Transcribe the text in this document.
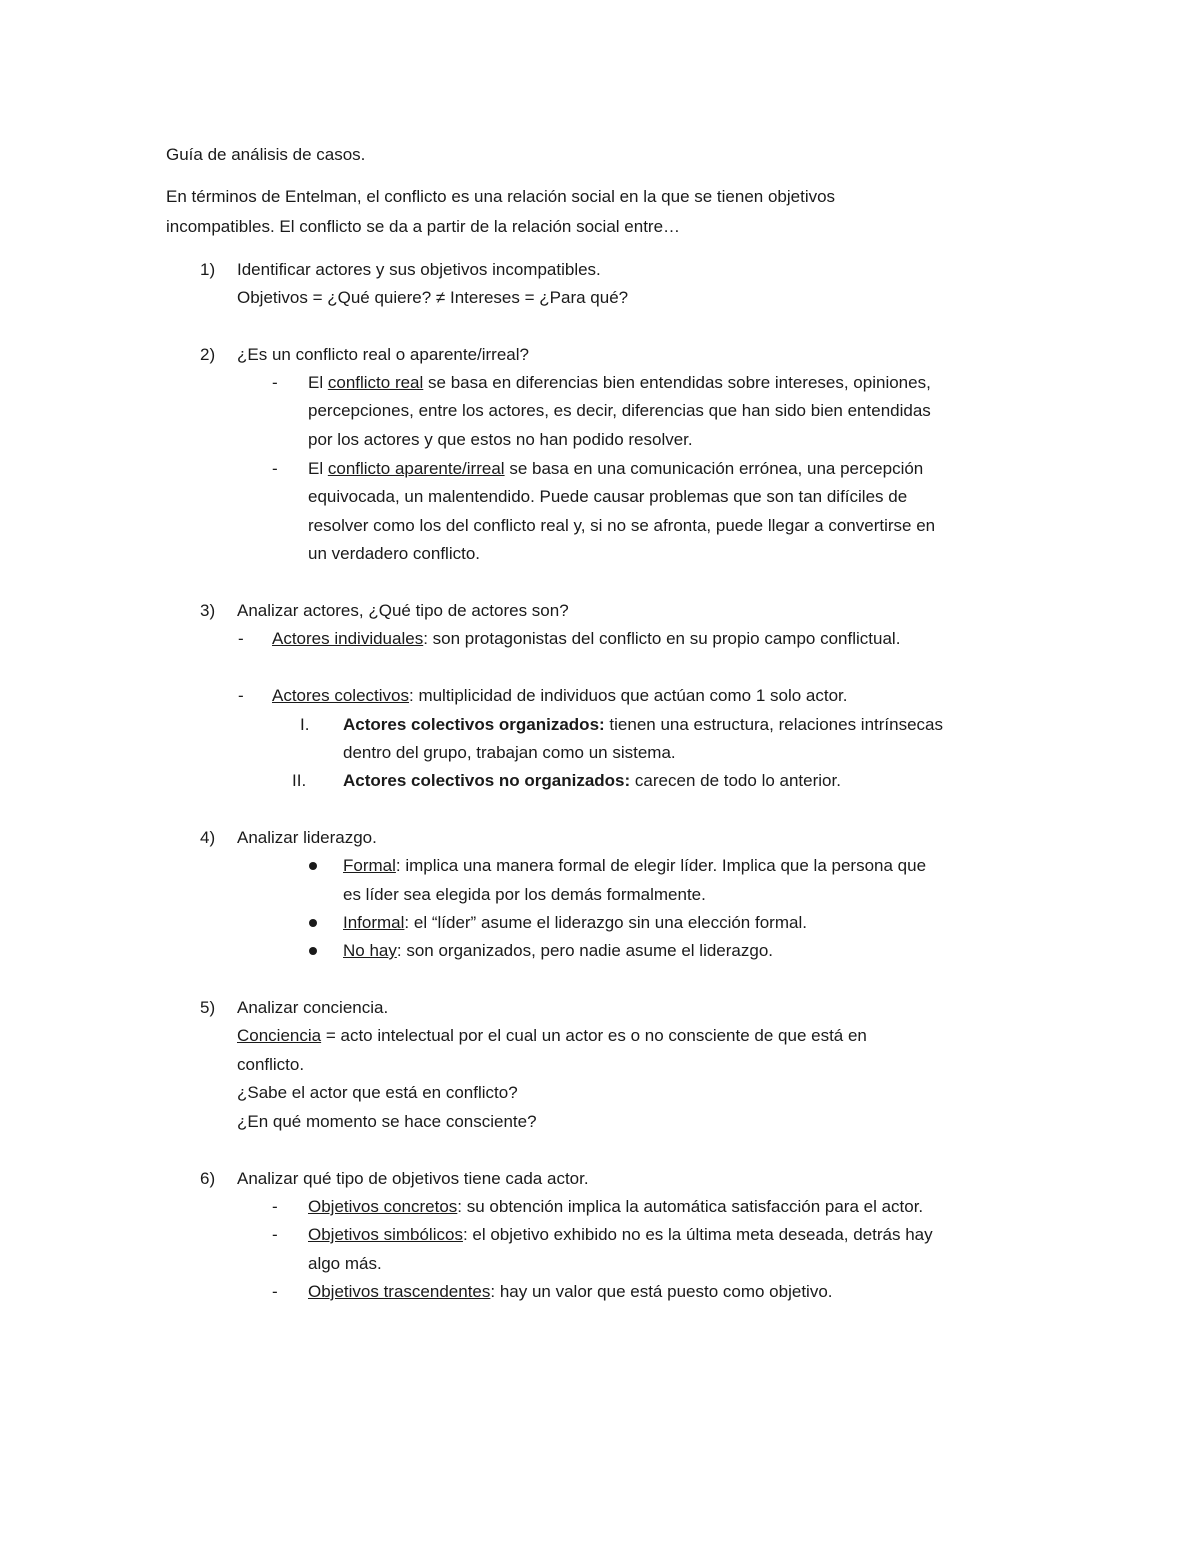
Guía de análisis de casos.
En términos de Entelman, el conflicto es una relación social en la que se tienen objetivos
incompatibles. El conflicto se da a partir de la relación social entre…
1) Identificar actores y sus objetivos incompatibles.
Objetivos = ¿Qué quiere? ≠ Intereses = ¿Para qué?
2) ¿Es un conflicto real o aparente/irreal?
- El conflicto real se basa en diferencias bien entendidas sobre intereses, opiniones,
percepciones, entre los actores, es decir, diferencias que han sido bien entendidas
por los actores y que estos no han podido resolver.
- El conflicto aparente/irreal se basa en una comunicación errónea, una percepción
equivocada, un malentendido. Puede causar problemas que son tan difíciles de
resolver como los del conflicto real y, si no se afronta, puede llegar a convertirse en
un verdadero conflicto.
3) Analizar actores, ¿Qué tipo de actores son?
- Actores individuales: son protagonistas del conflicto en su propio campo conflictual.
- Actores colectivos: multiplicidad de individuos que actúan como 1 solo actor.
I. Actores colectivos organizados: tienen una estructura, relaciones intrínsecas
dentro del grupo, trabajan como un sistema.
II. Actores colectivos no organizados: carecen de todo lo anterior.
4) Analizar liderazgo.
Formal: implica una manera formal de elegir líder. Implica que la persona que
es líder sea elegida por los demás formalmente.
Informal: el “líder” asume el liderazgo sin una elección formal.
No hay: son organizados, pero nadie asume el liderazgo.
5) Analizar conciencia.
Conciencia = acto intelectual por el cual un actor es o no consciente de que está en
conflicto.
¿Sabe el actor que está en conflicto?
¿En qué momento se hace consciente?
6) Analizar qué tipo de objetivos tiene cada actor.
- Objetivos concretos: su obtención implica la automática satisfacción para el actor.
- Objetivos simbólicos: el objetivo exhibido no es la última meta deseada, detrás hay
algo más.
- Objetivos trascendentes: hay un valor que está puesto como objetivo.
